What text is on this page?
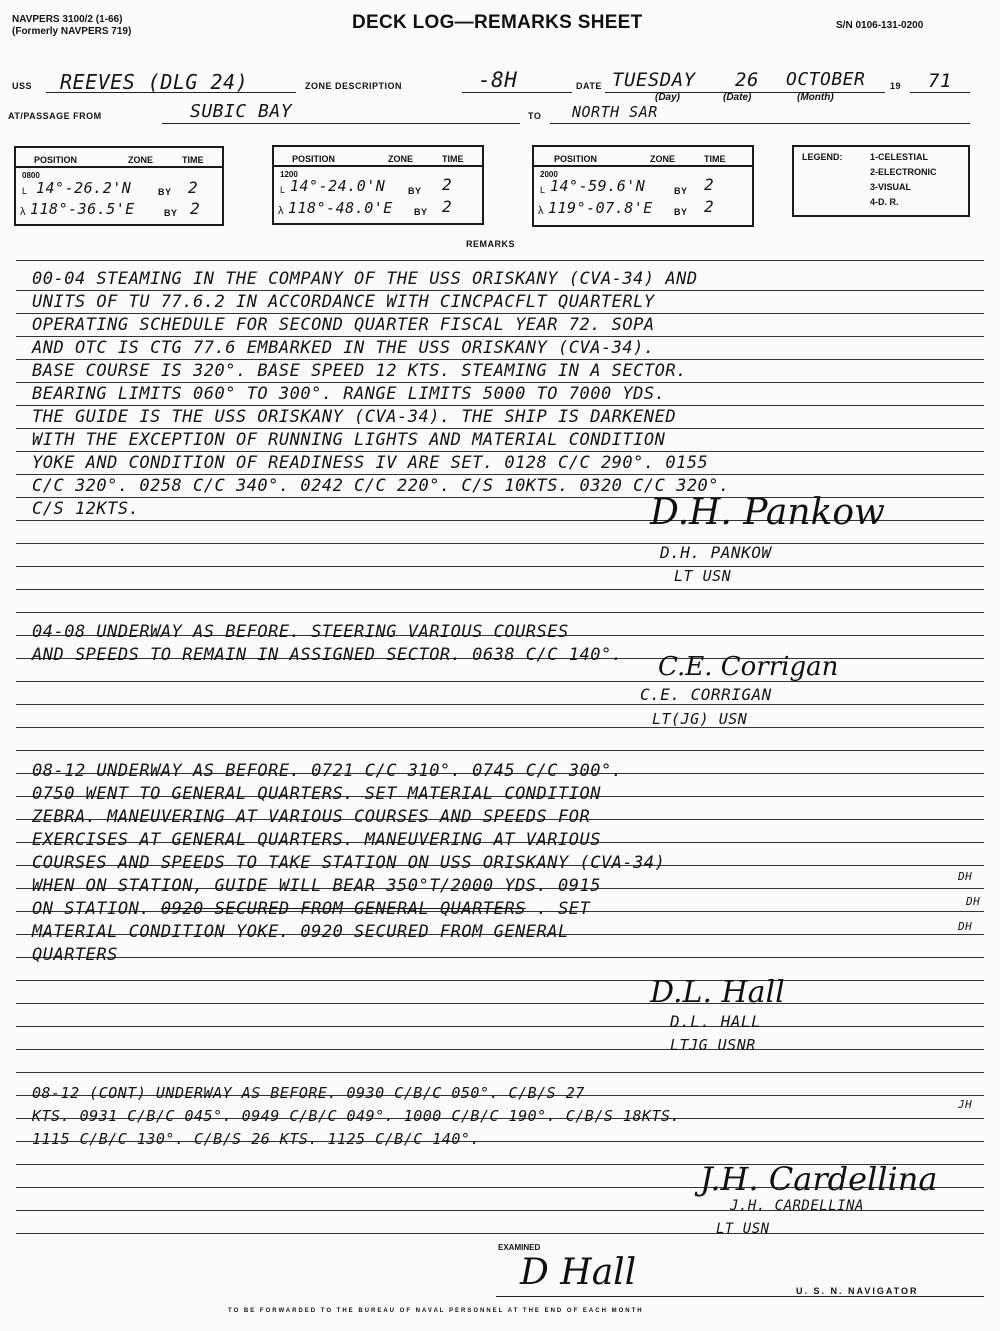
NAVPERS 3100/2 (1-66)
(Formerly NAVPERS 719)	DECK LOG—REMARKS SHEET	S/N 0106-131-0200
USS REEVES (DLG 24)	ZONE DESCRIPTION	-8H	DATE TUESDAY 26 OCTOBER	19 71
(Day)	(Date)	(Month)
AT/PASSAGE FROM	SUBIC BAY	TO NORTH SAR
POSITION	ZONE	TIME
0800
L 14°-26.2'N	BY 2
λ 118°-36.5'E	BY 2
POSITION	ZONE	TIME
1200
L 14°-24.0'N	BY 2
λ 118°-48.0'E BY 2
POSITION	ZONE	TIME
2000
L 14°-59.6'N	BY 2
λ 119°-07.8'E BY 2
LEGEND:	1-CELESTIAL
2-ELECTRONIC
3-VISUAL
4-D. R.
REMARKS
00-04 STEAMING IN THE COMPANY OF THE USS ORISKANY (CVA-34) AND
UNITS OF TU 77.6.2 IN ACCORDANCE WITH CINCPACFLT QUARTERLY
OPERATING SCHEDULE FOR SECOND QUARTER FISCAL YEAR 72. SOPA
AND OTC IS CTG 77.6 EMBARKED IN THE USS ORISKANY (CVA-34).
BASE COURSE IS 320°. BASE SPEED 12 KTS. STEAMING IN A SECTOR.
BEARING LIMITS 060° TO 300°. RANGE LIMITS 5000 TO 7000 YDS.
THE GUIDE IS THE USS ORISKANY (CVA-34). THE SHIP IS DARKENED
WITH THE EXCEPTION OF RUNNING LIGHTS AND MATERIAL CONDITION
YOKE AND CONDITION OF READINESS IV ARE SET. 0128 C/C 290°. 0155
C/C 320°. 0258 C/C 340°. 0242 C/C 220°. C/S 10KTS. 0320 C/C 320°.
C/S 12KTS.	D.H. Pankow
D.H. PANKOW
LT USN
04-08 UNDERWAY AS BEFORE. STEERING VARIOUS COURSES
AND SPEEDS TO REMAIN IN ASSIGNED SECTOR. 0638 C/C 140°. C.E. Corrigan
C.E. CORRIGAN
LT(JG) USN
08-12 UNDERWAY AS BEFORE. 0721 C/C 310°. 0745 C/C 300°.
0750 WENT TO GENERAL QUARTERS. SET MATERIAL CONDITION
ZEBRA. MANEUVERING AT VARIOUS COURSES AND SPEEDS FOR
EXERCISES AT GENERAL QUARTERS. MANEUVERING AT VARIOUS
COURSES AND SPEEDS TO TAKE STATION ON USS ORISKANY (CVA-34)
WHEN ON STATION, GUIDE WILL BEAR 350°T/2000 YDS. 0915
ON STATION. 0920 SECURED FROM GENERAL QUARTERS . SET
MATERIAL CONDITION YOKE. 0920 SECURED FROM GENERAL
QUARTERS
DH
DH
DH
D.L. Hall
D.L. HALL
LTJG USNR
08-12 (CONT) UNDERWAY AS BEFORE. 0930 C/B/C 050°. C/B/S 27
KTS. 0931 C/B/C 045°. 0949 C/B/C 049°. 1000 C/B/C 190°. C/B/S 18KTS.
1115 C/B/C 130°. C/B/S 26 KTS. 1125 C/B/C 140°.
JH
J.H. Cardellina
J.H. CARDELLINA
LT USN
EXAMINED
D Hall	U. S. N. NAVIGATOR
TO BE FORWARDED TO THE BUREAU OF NAVAL PERSONNEL AT THE END OF EACH MONTH
